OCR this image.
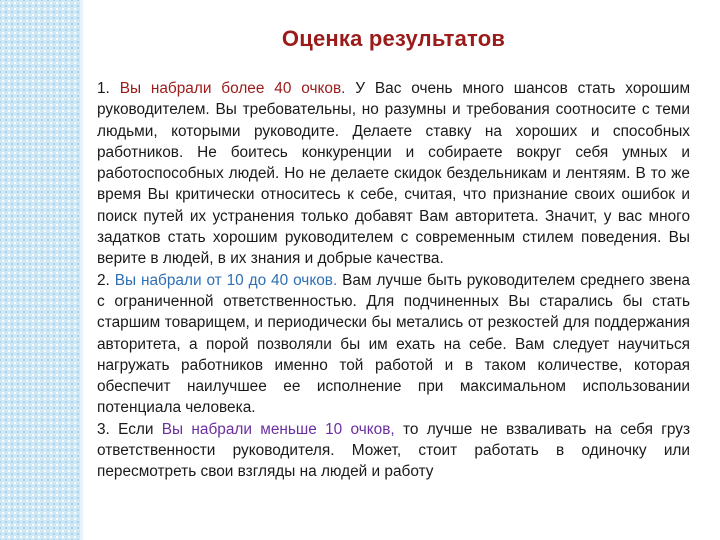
Оценка результатов

1. Вы набрали более 40 очков. У Вас очень много шансов стать хорошим руководителем. Вы требовательны, но разумны и требования соотносите с теми людьми, которыми руководите. Делаете ставку на хороших и способных работников. Не боитесь конкуренции и собираете вокруг себя умных и работоспособных людей. Но не делаете скидок бездельникам и лентяям. В то же время Вы критически относитесь к себе, считая, что признание своих ошибок и поиск путей их устранения только добавят Вам авторитета. Значит, у вас много задатков стать хорошим руководителем с современным стилем поведения. Вы верите в людей, в их знания и добрые качества.

2. Вы набрали от 10 до 40 очков. Вам лучше быть руководителем среднего звена с ограниченной ответственностью. Для подчиненных Вы старались бы стать старшим товарищем, и периодически бы метались от резкостей для поддержания авторитета, а порой позволяли бы им ехать на себе. Вам следует научиться нагружать работников именно той работой и в таком количестве, которая обеспечит наилучшее ее исполнение при максимальном использовании потенциала человека.

3. Если Вы набрали меньше 10 очков, то лучше не взваливать на себя груз ответственности руководителя. Может, стоит работать в одиночку или пересмотреть свои взгляды на людей и работу
